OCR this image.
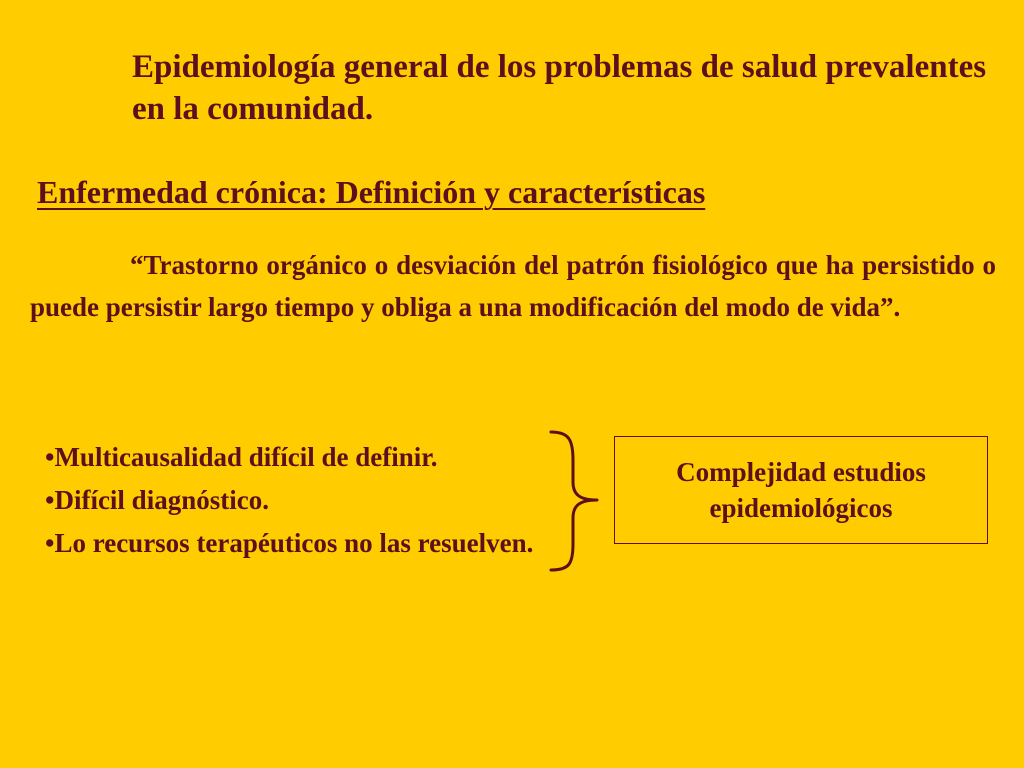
Epidemiología general de los problemas de salud prevalentes en la comunidad.
Enfermedad crónica: Definición y características

“Trastorno orgánico o desviación del patrón fisiológico que ha persistido o puede persistir largo tiempo y obliga a una modificación del modo de vida”.

•Multicausalidad difícil de definir.
•Difícil diagnóstico.
•Lo recursos terapéuticos no las resuelven.
Complejidad estudios
epidemiológicos
